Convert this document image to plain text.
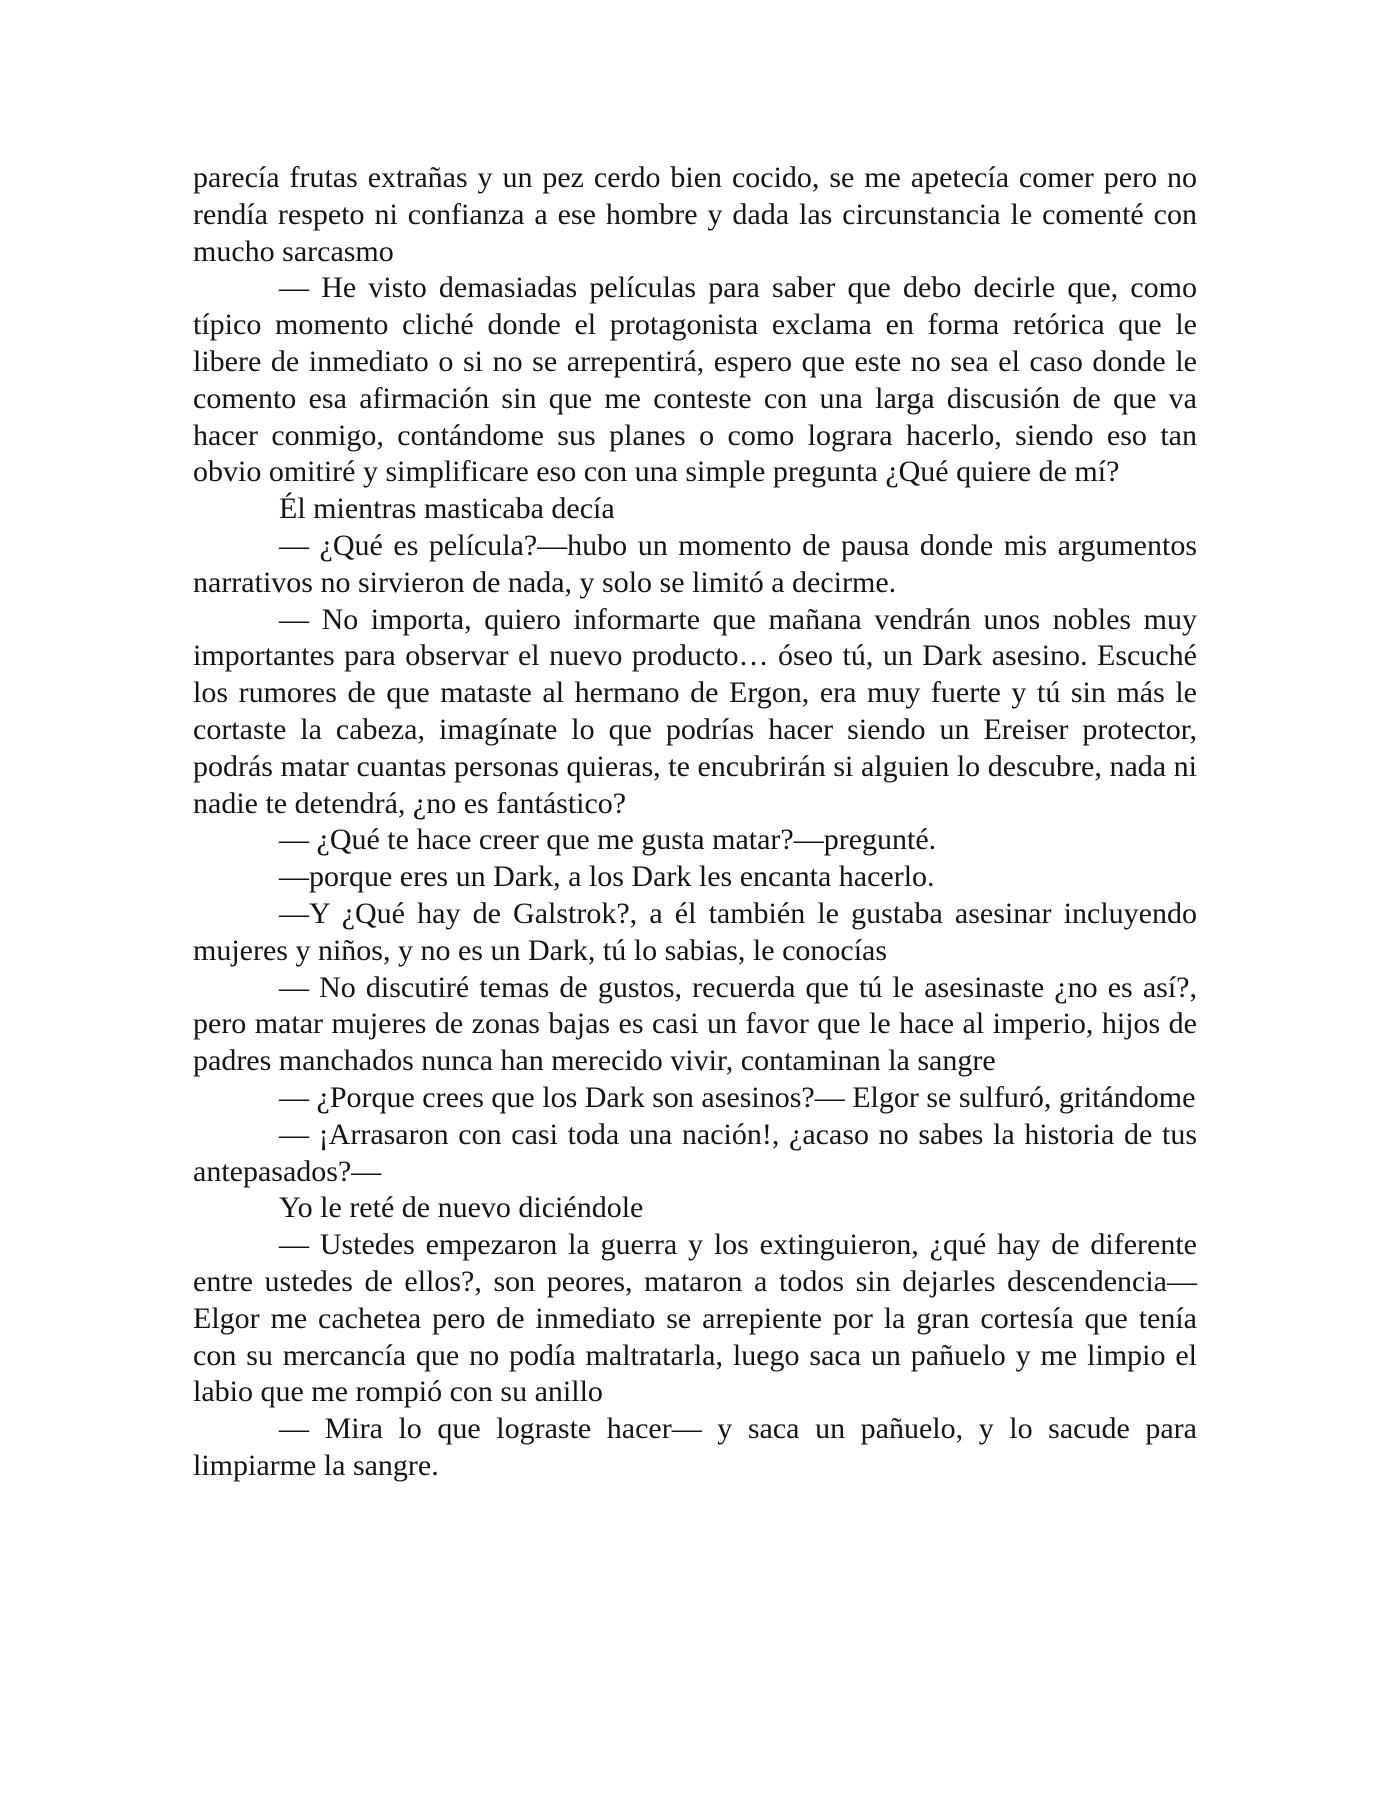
parecía frutas extrañas y un pez cerdo bien cocido, se me apetecía comer pero no rendía respeto ni confianza a ese hombre y dada las circunstancia le comenté con mucho sarcasmo

— He visto demasiadas películas para saber que debo decirle que, como típico momento cliché donde el protagonista exclama en forma retórica que le libere de inmediato o si no se arrepentirá, espero que este no sea el caso donde le comento esa afirmación sin que me conteste con una larga discusión de que va hacer conmigo, contándome sus planes o como lograra hacerlo, siendo eso tan obvio omitiré y simplificare eso con una simple pregunta ¿Qué quiere de mí?

Él mientras masticaba decía

— ¿Qué es película?—hubo un momento de pausa donde mis argumentos narrativos no sirvieron de nada, y solo se limitó a decirme.

— No importa, quiero informarte que mañana vendrán unos nobles muy importantes para observar el nuevo producto… óseo tú, un Dark asesino. Escuché los rumores de que mataste al hermano de Ergon, era muy fuerte y tú sin más le cortaste la cabeza, imagínate lo que podrías hacer siendo un Ereiser protector, podrás matar cuantas personas quieras, te encubrirán si alguien lo descubre, nada ni nadie te detendrá, ¿no es fantástico?

— ¿Qué te hace creer que me gusta matar?—pregunté.

—porque eres un Dark, a los Dark les encanta hacerlo.

—Y ¿Qué hay de Galstrok?, a él también le gustaba asesinar incluyendo mujeres y niños, y no es un Dark, tú lo sabias, le conocías

— No discutiré temas de gustos, recuerda que tú le asesinaste ¿no es así?, pero matar mujeres de zonas bajas es casi un favor que le hace al imperio, hijos de padres manchados nunca han merecido vivir, contaminan la sangre

— ¿Porque crees que los Dark son asesinos?— Elgor se sulfuró, gritándome

— ¡Arrasaron con casi toda una nación!, ¿acaso no sabes la historia de tus antepasados?—

Yo le reté de nuevo diciéndole

— Ustedes empezaron la guerra y los extinguieron, ¿qué hay de diferente entre ustedes de ellos?, son peores, mataron a todos sin dejarles descendencia— Elgor me cachetea pero de inmediato se arrepiente por la gran cortesía que tenía con su mercancía que no podía maltratarla, luego saca un pañuelo y me limpio el labio que me rompió con su anillo

— Mira lo que lograste hacer— y saca un pañuelo, y lo sacude para limpiarme la sangre.
